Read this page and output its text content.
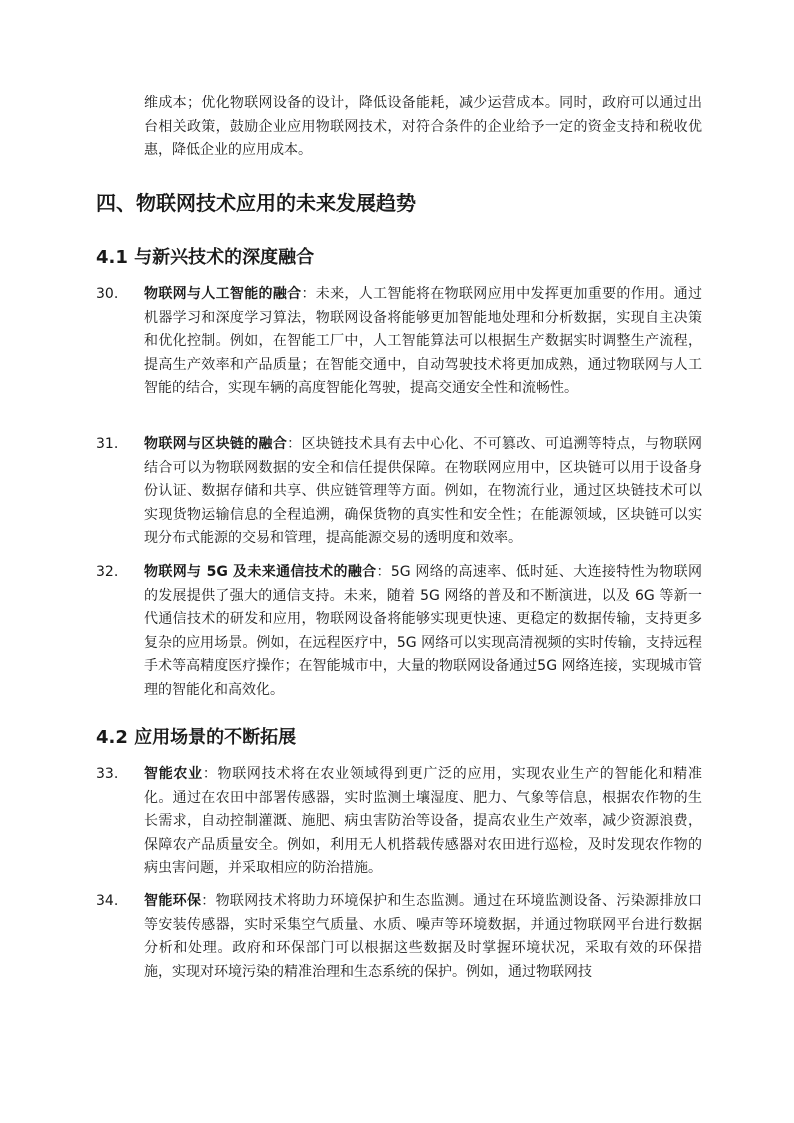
维成本；优化物联网设备的设计，降低设备能耗，减少运营成本。同时，政府可以通过出台相关政策，鼓励企业应用物联网技术，对符合条件的企业给予一定的资金支持和税收优惠，降低企业的应用成本。

四、物联网技术应用的未来发展趋势
4.1 与新兴技术的深度融合
30.	物联网与人工智能的融合：未来，人工智能将在物联网应用中发挥更加重要的作用。通过机器学习和深度学习算法，物联网设备将能够更加智能地处理和分析数据，实现自主决策和优化控制。例如，在智能工厂中，人工智能算法可以根据生产数据实时调整生产流程，提高生产效率和产品质量；在智能交通中，自动驾驶技术将更加成熟，通过物联网与人工智能的结合，实现车辆的高度智能化驾驶，提高交通安全性和流畅性。
31.	物联网与区块链的融合：区块链技术具有去中心化、不可篡改、可追溯等特点，与物联网结合可以为物联网数据的安全和信任提供保障。在物联网应用中，区块链可以用于设备身份认证、数据存储和共享、供应链管理等方面。例如，在物流行业，通过区块链技术可以实现货物运输信息的全程追溯，确保货物的真实性和安全性；在能源领域，区块链可以实现分布式能源的交易和管理，提高能源交易的透明度和效率。
32.	物联网与 5G 及未来通信技术的融合：5G 网络的高速率、低时延、大连接特性为物联网的发展提供了强大的通信支持。未来，随着 5G 网络的普及和不断演进，以及 6G 等新一代通信技术的研发和应用，物联网设备将能够实现更快速、更稳定的数据传输，支持更多复杂的应用场景。例如，在远程医疗中，5G 网络可以实现高清视频的实时传输，支持远程手术等高精度医疗操作；在智能城市中，大量的物联网设备通过5G 网络连接，实现城市管理的智能化和高效化。
4.2 应用场景的不断拓展
33.	智能农业：物联网技术将在农业领域得到更广泛的应用，实现农业生产的智能化和精准化。通过在农田中部署传感器，实时监测土壤湿度、肥力、气象等信息，根据农作物的生长需求，自动控制灌溉、施肥、病虫害防治等设备，提高农业生产效率，减少资源浪费，保障农产品质量安全。例如，利用无人机搭载传感器对农田进行巡检，及时发现农作物的病虫害问题，并采取相应的防治措施。
34.	智能环保：物联网技术将助力环境保护和生态监测。通过在环境监测设备、污染源排放口等安装传感器，实时采集空气质量、水质、噪声等环境数据，并通过物联网平台进行数据分析和处理。政府和环保部门可以根据这些数据及时掌握环境状况，采取有效的环保措施，实现对环境污染的精准治理和生态系统的保护。例如，通过物联网技
